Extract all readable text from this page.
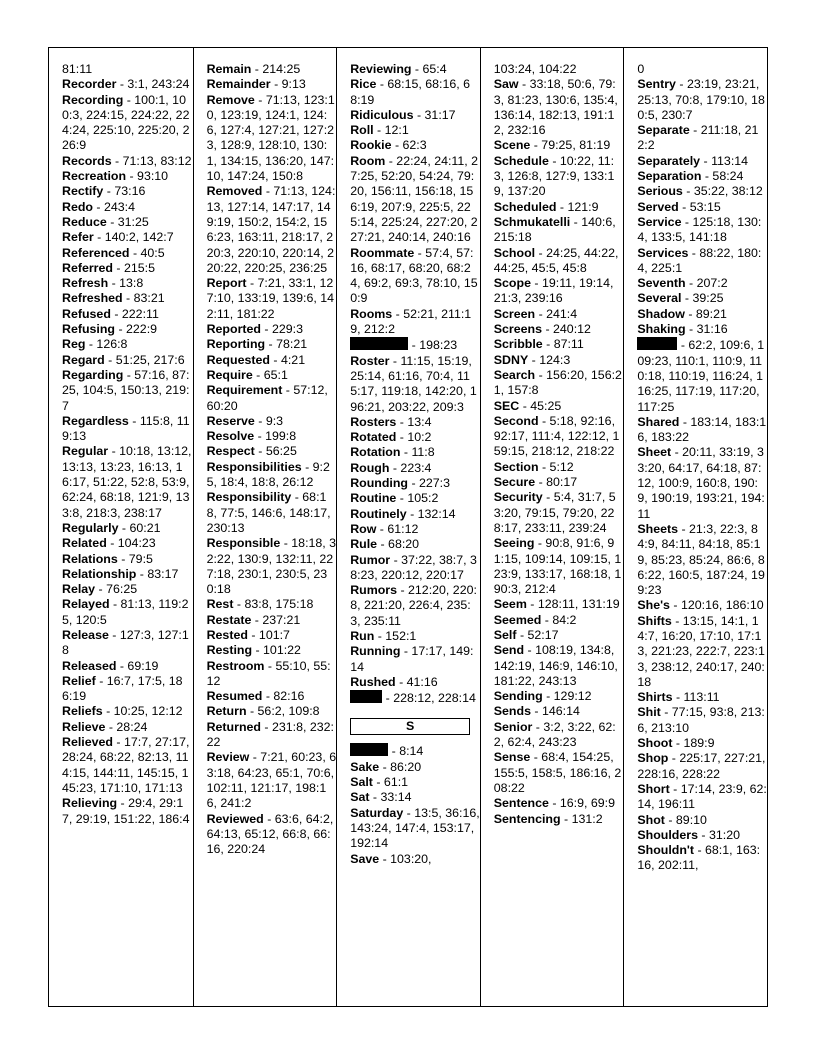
81:11
Recorder - 3:1, 243:24
Recording - 100:1, 100:3, 224:15, 224:22, 224:24, 225:10, 225:20, 226:9
Records - 71:13, 83:12
Recreation - 93:10
Rectify - 73:16
Redo - 243:4
Reduce - 31:25
Refer - 140:2, 142:7
Referenced - 40:5
Referred - 215:5
Refresh - 13:8
Refreshed - 83:21
Refused - 222:11
Refusing - 222:9
Reg - 126:8
Regard - 51:25, 217:6
Regarding - 57:16, 87:25, 104:5, 150:13, 219:7
Regardless - 115:8, 119:13
Regular - 10:18, 13:12, 13:13, 13:23, 16:13, 16:17, 51:22, 52:8, 53:9, 62:24, 68:18, 121:9, 133:8, 218:3, 238:17
Regularly - 60:21
Related - 104:23
Relations - 79:5
Relationship - 83:17
Relay - 76:25
Relayed - 81:13, 119:25, 120:5
Release - 127:3, 127:18
Released - 69:19
Relief - 16:7, 17:5, 186:19
Reliefs - 10:25, 12:12
Relieve - 28:24
Relieved - 17:7, 27:17, 28:24, 68:22, 82:13, 114:15, 144:11, 145:15, 145:23, 171:10, 171:13
Relieving - 29:4, 29:17, 29:19, 151:22, 186:4
Remain - 214:25
Remainder - 9:13
Remove - 71:13, 123:10, 123:19, 124:1, 124:6, 127:4, 127:21, 127:23, 128:9, 128:10, 130:1, 134:15, 136:20, 147:10, 147:24, 150:8
Removed - 71:13, 124:13, 127:14, 147:17, 149:19, 150:2, 154:2, 156:23, 163:11, 218:17, 220:3, 220:10, 220:14, 220:22, 220:25, 236:25
Report - 7:21, 33:1, 127:10, 133:19, 139:6, 142:11, 181:22
Reported - 229:3
Reporting - 78:21
Requested - 4:21
Require - 65:1
Requirement - 57:12, 60:20
Reserve - 9:3
Resolve - 199:8
Respect - 56:25
Responsibilities - 9:25, 18:4, 18:8, 26:12
Responsibility - 68:18, 77:5, 146:6, 148:17, 230:13
Responsible - 18:18, 32:22, 130:9, 132:11, 227:18, 230:1, 230:5, 230:18
Rest - 83:8, 175:18
Restate - 237:21
Rested - 101:7
Resting - 101:22
Restroom - 55:10, 55:12
Resumed - 82:16
Return - 56:2, 109:8
Returned - 231:8, 232:22
Review - 7:21, 60:23, 63:18, 64:23, 65:1, 70:6, 102:11, 121:17, 198:16, 241:2
Reviewed - 63:6, 64:2, 64:13, 65:12, 66:8, 66:16, 220:24
Reviewing - 65:4
Rice - 68:15, 68:16, 68:19
Ridiculous - 31:17
Roll - 12:1
Rookie - 62:3
Room - 22:24, 24:11, 27:25, 52:20, 54:24, 79:20, 156:11, 156:18, 156:19, 207:9, 225:5, 225:14, 225:24, 227:20, 227:21, 240:14, 240:16
Roommate - 57:4, 57:16, 68:17, 68:20, 68:24, 69:2, 69:3, 78:10, 150:9
Rooms - 52:21, 211:19, 212:2
- 198:23
Roster - 11:15, 15:19, 25:14, 61:16, 70:4, 115:17, 119:18, 142:20, 196:21, 203:22, 209:3
Rosters - 13:4
Rotated - 10:2
Rotation - 11:8
Rough - 223:4
Rounding - 227:3
Routine - 105:2
Routinely - 132:14
Row - 61:12
Rule - 68:20
Rumor - 37:22, 38:7, 38:23, 220:12, 220:17
Rumors - 212:20, 220:8, 221:20, 226:4, 235:3, 235:11
Run - 152:1
Running - 17:17, 149:14
Rushed - 41:16
- 228:12, 228:14
S
- 8:14
Sake - 86:20
Salt - 61:1
Sat - 33:14
Saturday - 13:5, 36:16, 143:24, 147:4, 153:17, 192:14
Save - 103:20,
103:24, 104:22
Saw - 33:18, 50:6, 79:3, 81:23, 130:6, 135:4, 136:14, 182:13, 191:12, 232:16
Scene - 79:25, 81:19
Schedule - 10:22, 11:3, 126:8, 127:9, 133:19, 137:20
Scheduled - 121:9
Schmukatelli - 140:6, 215:18
School - 24:25, 44:22, 44:25, 45:5, 45:8
Scope - 19:11, 19:14, 21:3, 239:16
Screen - 241:4
Screens - 240:12
Scribble - 87:11
SDNY - 124:3
Search - 156:20, 156:21, 157:8
SEC - 45:25
Second - 5:18, 92:16, 92:17, 111:4, 122:12, 159:15, 218:12, 218:22
Section - 5:12
Secure - 80:17
Security - 5:4, 31:7, 53:20, 79:15, 79:20, 228:17, 233:11, 239:24
Seeing - 90:8, 91:6, 91:15, 109:14, 109:15, 123:9, 133:17, 168:18, 190:3, 212:4
Seem - 128:11, 131:19
Seemed - 84:2
Self - 52:17
Send - 108:19, 134:8, 142:19, 146:9, 146:10, 181:22, 243:13
Sending - 129:12
Sends - 146:14
Senior - 3:2, 3:22, 62:2, 62:4, 243:23
Sense - 68:4, 154:25, 155:5, 158:5, 186:16, 208:22
Sentence - 16:9, 69:9
Sentencing - 131:2
0
Sentry - 23:19, 23:21, 25:13, 70:8, 179:10, 180:5, 230:7
Separate - 211:18, 212:2
Separately - 113:14
Separation - 58:24
Serious - 35:22, 38:12
Served - 53:15
Service - 125:18, 130:4, 133:5, 141:18
Services - 88:22, 180:4, 225:1
Seventh - 207:2
Several - 39:25
Shadow - 89:21
Shaking - 31:16
- 62:2, 109:6, 109:23, 110:1, 110:9, 110:18, 110:19, 116:24, 116:25, 117:19, 117:20, 117:25
Shared - 183:14, 183:16, 183:22
Sheet - 20:11, 33:19, 33:20, 64:17, 64:18, 87:12, 100:9, 160:8, 190:9, 190:19, 193:21, 194:11
Sheets - 21:3, 22:3, 84:9, 84:11, 84:18, 85:19, 85:23, 85:24, 86:6, 86:22, 160:5, 187:24, 199:23
She's - 120:16, 186:10
Shifts - 13:15, 14:1, 14:7, 16:20, 17:10, 17:13, 221:23, 222:7, 223:13, 238:12, 240:17, 240:18
Shirts - 113:11
Shit - 77:15, 93:8, 213:6, 213:10
Shoot - 189:9
Shop - 225:17, 227:21, 228:16, 228:22
Short - 17:14, 23:9, 62:14, 196:11
Shot - 89:10
Shoulders - 31:20
Shouldn't - 68:1, 163:16, 202:11,
